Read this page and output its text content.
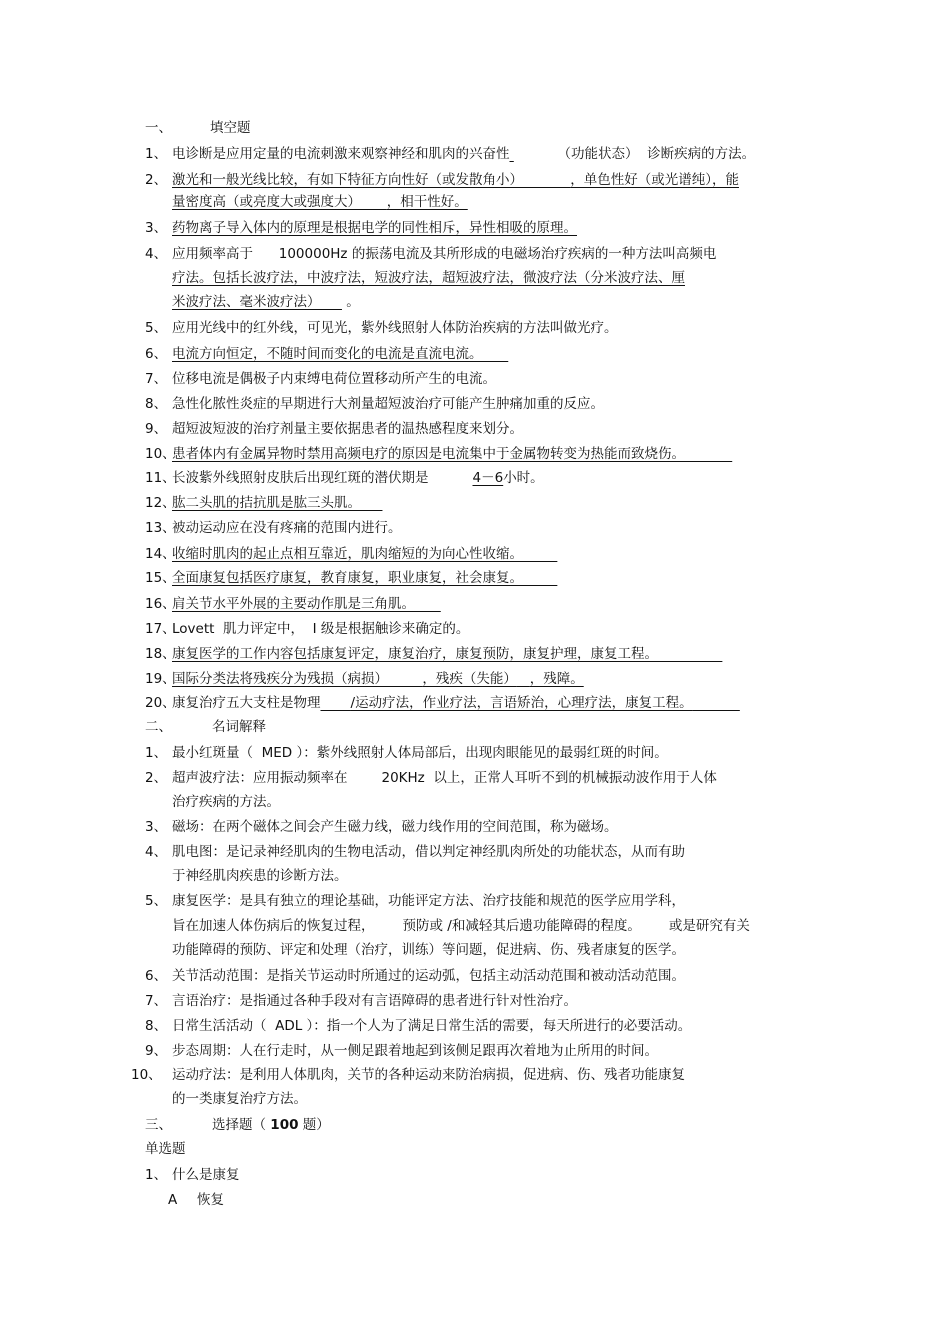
一、	填空题
1、 电诊断是应用定量的电流刺激来观察神经和肌肉的兴奋性	（功能状态） 诊断疾病的方法。
2、 激光和一般光线比较，有如下特征方向性好（或发散角小）	，单色性好（或光谱纯），能
量密度高（或亮度大或强度大） ，相干性好。
3、 药物离子导入体内的原理是根据电学的同性相斥，异性相吸的原理。
4、 应用频率高于 100000Hz 的振荡电流及其所形成的电磁场治疗疾病的一种方法叫高频电
疗法。包括长波疗法，中波疗法，短波疗法，超短波疗法，微波疗法（分米波疗法、厘
米波疗法、毫米波疗法） 。
5、 应用光线中的红外线，可见光，紫外线照射人体防治疾病的方法叫做光疗。
6、 电流方向恒定，不随时间而变化的电流是直流电流。
7、 位移电流是偶极子内束缚电荷位置移动所产生的电流。
8、 急性化脓性炎症的早期进行大剂量超短波治疗可能产生肿痛加重的反应。
9、 超短波短波的治疗剂量主要依据患者的温热感程度来划分。
10、
患者体内有金属异物时禁用高频电疗的原因是电流集中于金属物转变为热能而致烧伤。
11、
长波紫外线照射皮肤后出现红斑的潜伏期是	4－6小时。
12、
肱二头肌的拮抗肌是肱三头肌。
13、
被动运动应在没有疼痛的范围内进行。
14、
收缩时肌肉的起止点相互靠近，肌肉缩短的为向心性收缩。
15、
全面康复包括医疗康复，教育康复，职业康复，社会康复。
16、
肩关节水平外展的主要动作肌是三角肌。
17、
Lovett 肌力评定中， I 级是根据触诊来确定的。
18、
康复医学的工作内容包括康复评定，康复治疗，康复预防，康复护理，康复工程。
19、
国际分类法将残疾分为残损（病损）	，残疾（失能） ，残障。
20、
康复治疗五大支柱是物理 /运动疗法，作业疗法，言语矫治，心理疗法，康复工程。
二、	名词解释
1、 最小红斑量（ MED ）：紫外线照射人体局部后，出现肉眼能见的最弱红斑的时间。
2、 超声波疗法：应用振动频率在	20KHz 以上，正常人耳听不到的机械振动波作用于人体
治疗疾病的方法。
3、 磁场：在两个磁体之间会产生磁力线，磁力线作用的空间范围，称为磁场。
4、 肌电图：是记录神经肌肉的生物电活动，借以判定神经肌肉所处的功能状态，从而有助
于神经肌肉疾患的诊断方法。
5、 康复医学：是具有独立的理论基础，功能评定方法、治疗技能和规范的医学应用学科，
旨在加速人体伤病后的恢复过程， 预防或 /和减轻其后遗功能障碍的程度。 或是研究有关
功能障碍的预防、评定和处理（治疗，训练）等问题，促进病、伤、残者康复的医学。
6、 关节活动范围：是指关节运动时所通过的运动弧，包括主动活动范围和被动活动范围。
7、 言语治疗：是指通过各种手段对有言语障碍的患者进行针对性治疗。
8、 日常生活活动（ ADL ）：指一个人为了满足日常生活的需要，每天所进行的必要活动。
9、 步态周期：人在行走时，从一侧足跟着地起到该侧足跟再次着地为止所用的时间。
10、 运动疗法：是利用人体肌肉，关节的各种运动来防治病损，促进病、伤、残者功能康复
的一类康复治疗方法。
三、	选择题（ 100 题）
单选题
1、 什么是康复
A 恢复
